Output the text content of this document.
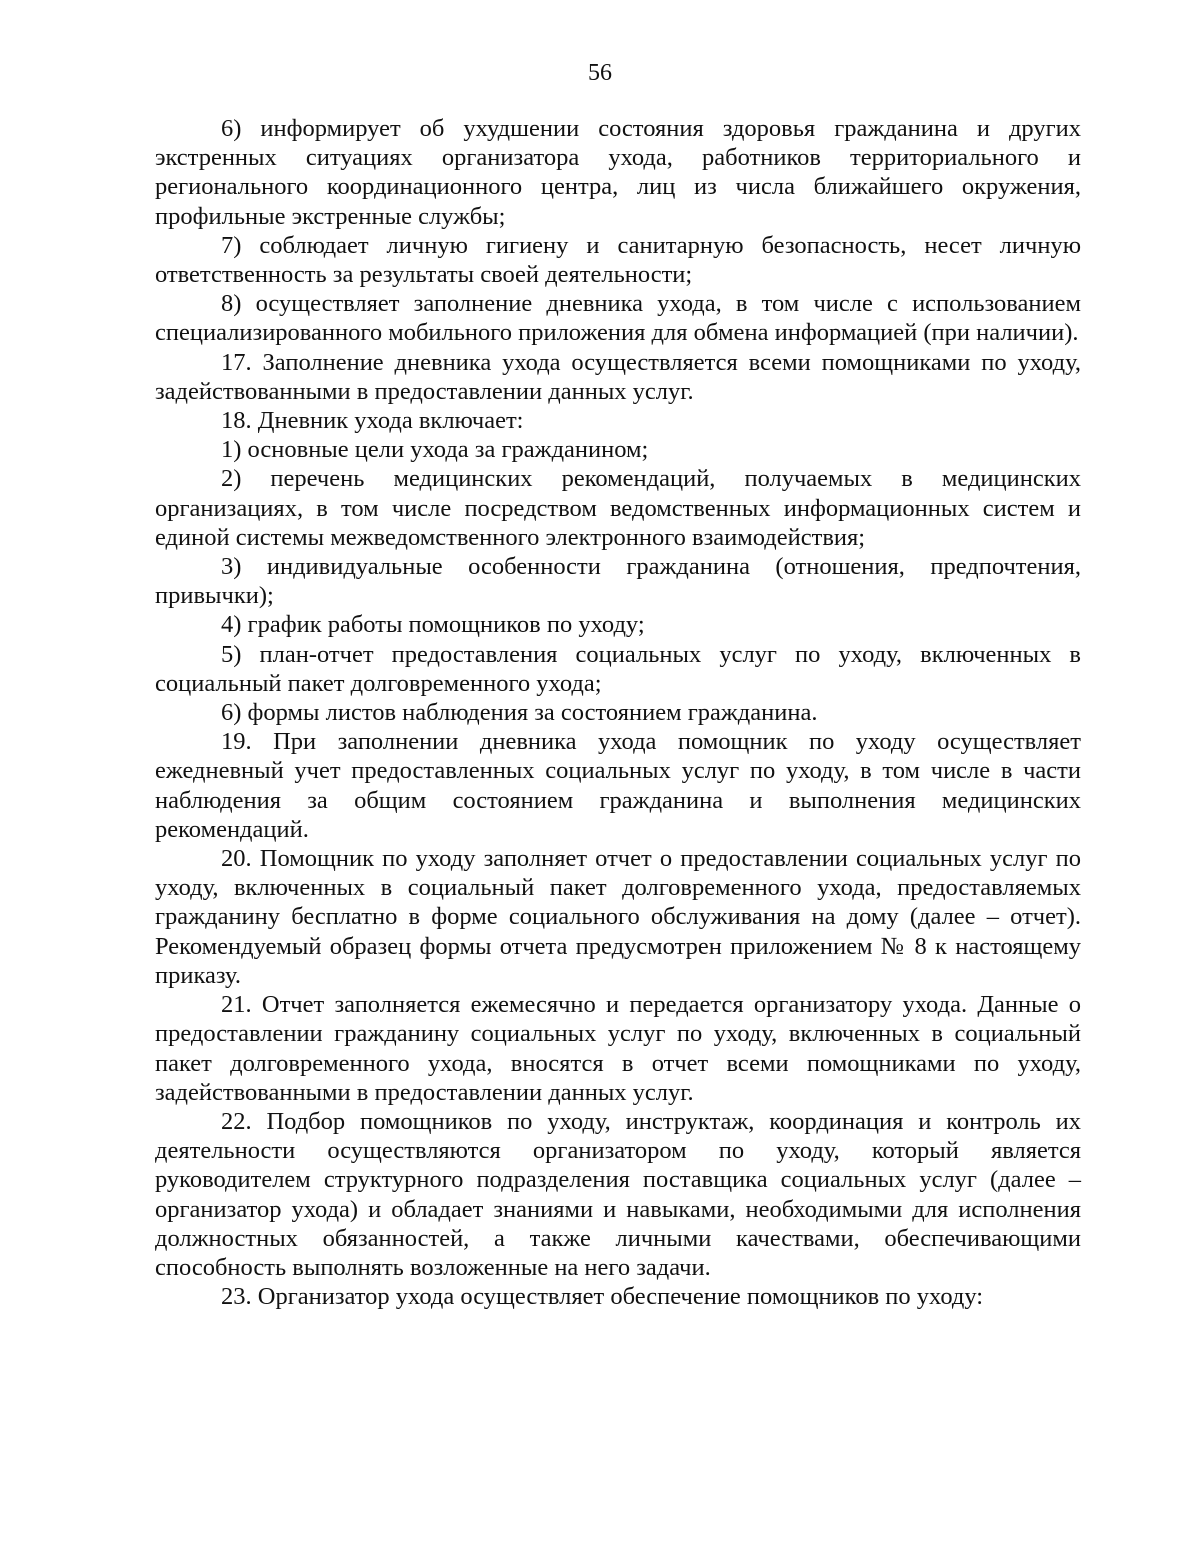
56

6) информирует об ухудшении состояния здоровья гражданина и других экстренных ситуациях организатора ухода, работников территориального и регионального координационного центра, лиц из числа ближайшего окружения, профильные экстренные службы;

7) соблюдает личную гигиену и санитарную безопасность, несет личную ответственность за результаты своей деятельности;

8) осуществляет заполнение дневника ухода, в том числе с использованием специализированного мобильного приложения для обмена информацией (при наличии).

17. Заполнение дневника ухода осуществляется всеми помощниками по уходу, задействованными в предоставлении данных услуг.

18. Дневник ухода включает:

1) основные цели ухода за гражданином;

2) перечень медицинских рекомендаций, получаемых в медицинских организациях, в том числе посредством ведомственных информационных систем и единой системы межведомственного электронного взаимодействия;

3) индивидуальные особенности гражданина (отношения, предпочтения, привычки);

4) график работы помощников по уходу;

5) план-отчет предоставления социальных услуг по уходу, включенных в социальный пакет долговременного ухода;

6) формы листов наблюдения за состоянием гражданина.

19. При заполнении дневника ухода помощник по уходу осуществляет ежедневный учет предоставленных социальных услуг по уходу, в том числе в части наблюдения за общим состоянием гражданина и выполнения медицинских рекомендаций.

20. Помощник по уходу заполняет отчет о предоставлении социальных услуг по уходу, включенных в социальный пакет долговременного ухода, предоставляемых гражданину бесплатно в форме социального обслуживания на дому (далее – отчет). Рекомендуемый образец формы отчета предусмотрен приложением № 8 к настоящему приказу.

21. Отчет заполняется ежемесячно и передается организатору ухода. Данные о предоставлении гражданину социальных услуг по уходу, включенных в социальный пакет долговременного ухода, вносятся в отчет всеми помощниками по уходу, задействованными в предоставлении данных услуг.

22. Подбор помощников по уходу, инструктаж, координация и контроль их деятельности осуществляются организатором по уходу, который является руководителем структурного подразделения поставщика социальных услуг (далее – организатор ухода) и обладает знаниями и навыками, необходимыми для исполнения должностных обязанностей, а также личными качествами, обеспечивающими способность выполнять возложенные на него задачи.

23. Организатор ухода осуществляет обеспечение помощников по уходу:
